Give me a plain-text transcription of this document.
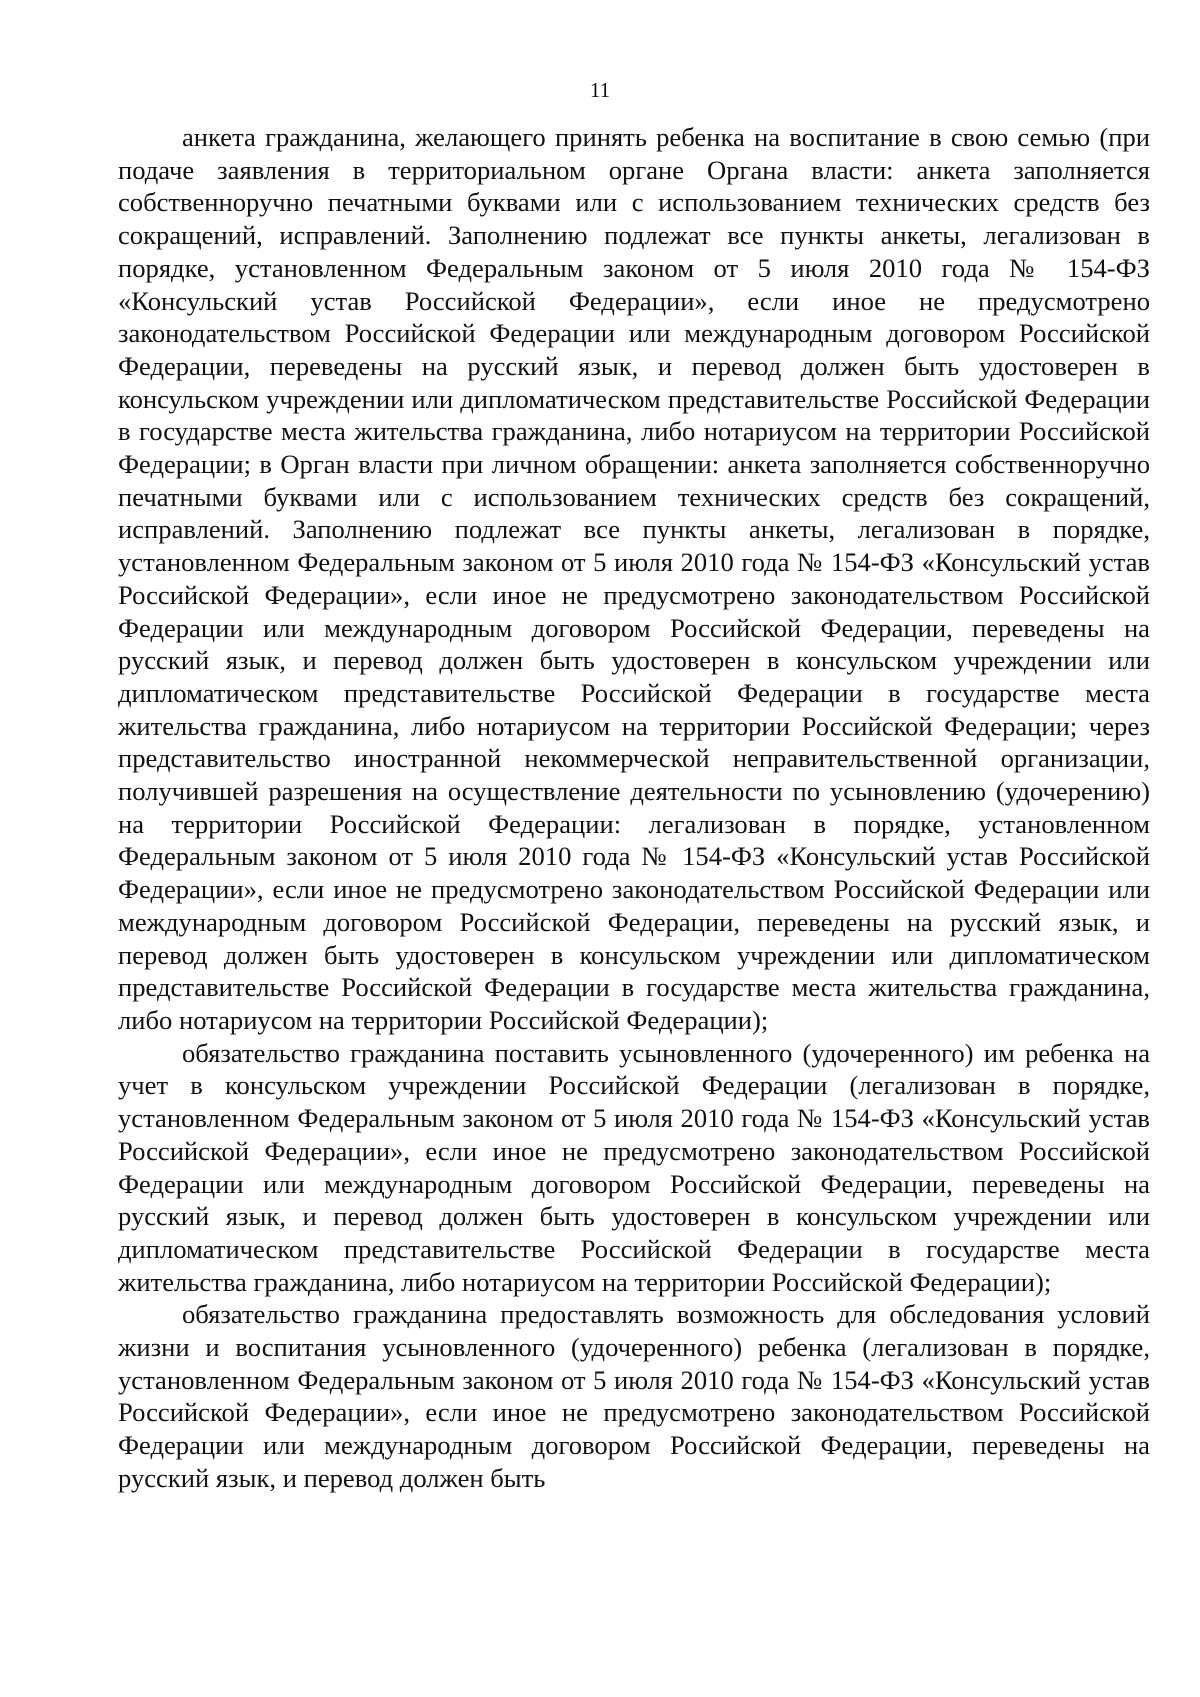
11

анкета гражданина, желающего принять ребенка на воспитание в свою семью (при подаче заявления в территориальном органе Органа власти: анкета заполняется собственноручно печатными буквами или с использованием технических средств без сокращений, исправлений. Заполнению подлежат все пункты анкеты, легализован в порядке, установленном Федеральным законом от 5 июля 2010 года № 154-ФЗ «Консульский устав Российской Федерации», если иное не предусмотрено законодательством Российской Федерации или международным договором Российской Федерации, переведены на русский язык, и перевод должен быть удостоверен в консульском учреждении или дипломатическом представительстве Российской Федерации в государстве места жительства гражданина, либо нотариусом на территории Российской Федерации; в Орган власти при личном обращении: анкета заполняется собственноручно печатными буквами или с использованием технических средств без сокращений, исправлений. Заполнению подлежат все пункты анкеты, легализован в порядке, установленном Федеральным законом от 5 июля 2010 года № 154-ФЗ «Консульский устав Российской Федерации», если иное не предусмотрено законодательством Российской Федерации или международным договором Российской Федерации, переведены на русский язык, и перевод должен быть удостоверен в консульском учреждении или дипломатическом представительстве Российской Федерации в государстве места жительства гражданина, либо нотариусом на территории Российской Федерации; через представительство иностранной некоммерческой неправительственной организации, получившей разрешения на осуществление деятельности по усыновлению (удочерению) на территории Российской Федерации: легализован в порядке, установленном Федеральным законом от 5 июля 2010 года № 154-ФЗ «Консульский устав Российской Федерации», если иное не предусмотрено законодательством Российской Федерации или международным договором Российской Федерации, переведены на русский язык, и перевод должен быть удостоверен в консульском учреждении или дипломатическом представительстве Российской Федерации в государстве места жительства гражданина, либо нотариусом на территории Российской Федерации);

обязательство гражданина поставить усыновленного (удочеренного) им ребенка на учет в консульском учреждении Российской Федерации (легализован в порядке, установленном Федеральным законом от 5 июля 2010 года № 154-ФЗ «Консульский устав Российской Федерации», если иное не предусмотрено законодательством Российской Федерации или международным договором Российской Федерации, переведены на русский язык, и перевод должен быть удостоверен в консульском учреждении или дипломатическом представительстве Российской Федерации в государстве места жительства гражданина, либо нотариусом на территории Российской Федерации);

обязательство гражданина предоставлять возможность для обследования условий жизни и воспитания усыновленного (удочеренного) ребенка (легализован в порядке, установленном Федеральным законом от 5 июля 2010 года № 154-ФЗ «Консульский устав Российской Федерации», если иное не предусмотрено законодательством Российской Федерации или международным договором Российской Федерации, переведены на русский язык, и перевод должен быть
